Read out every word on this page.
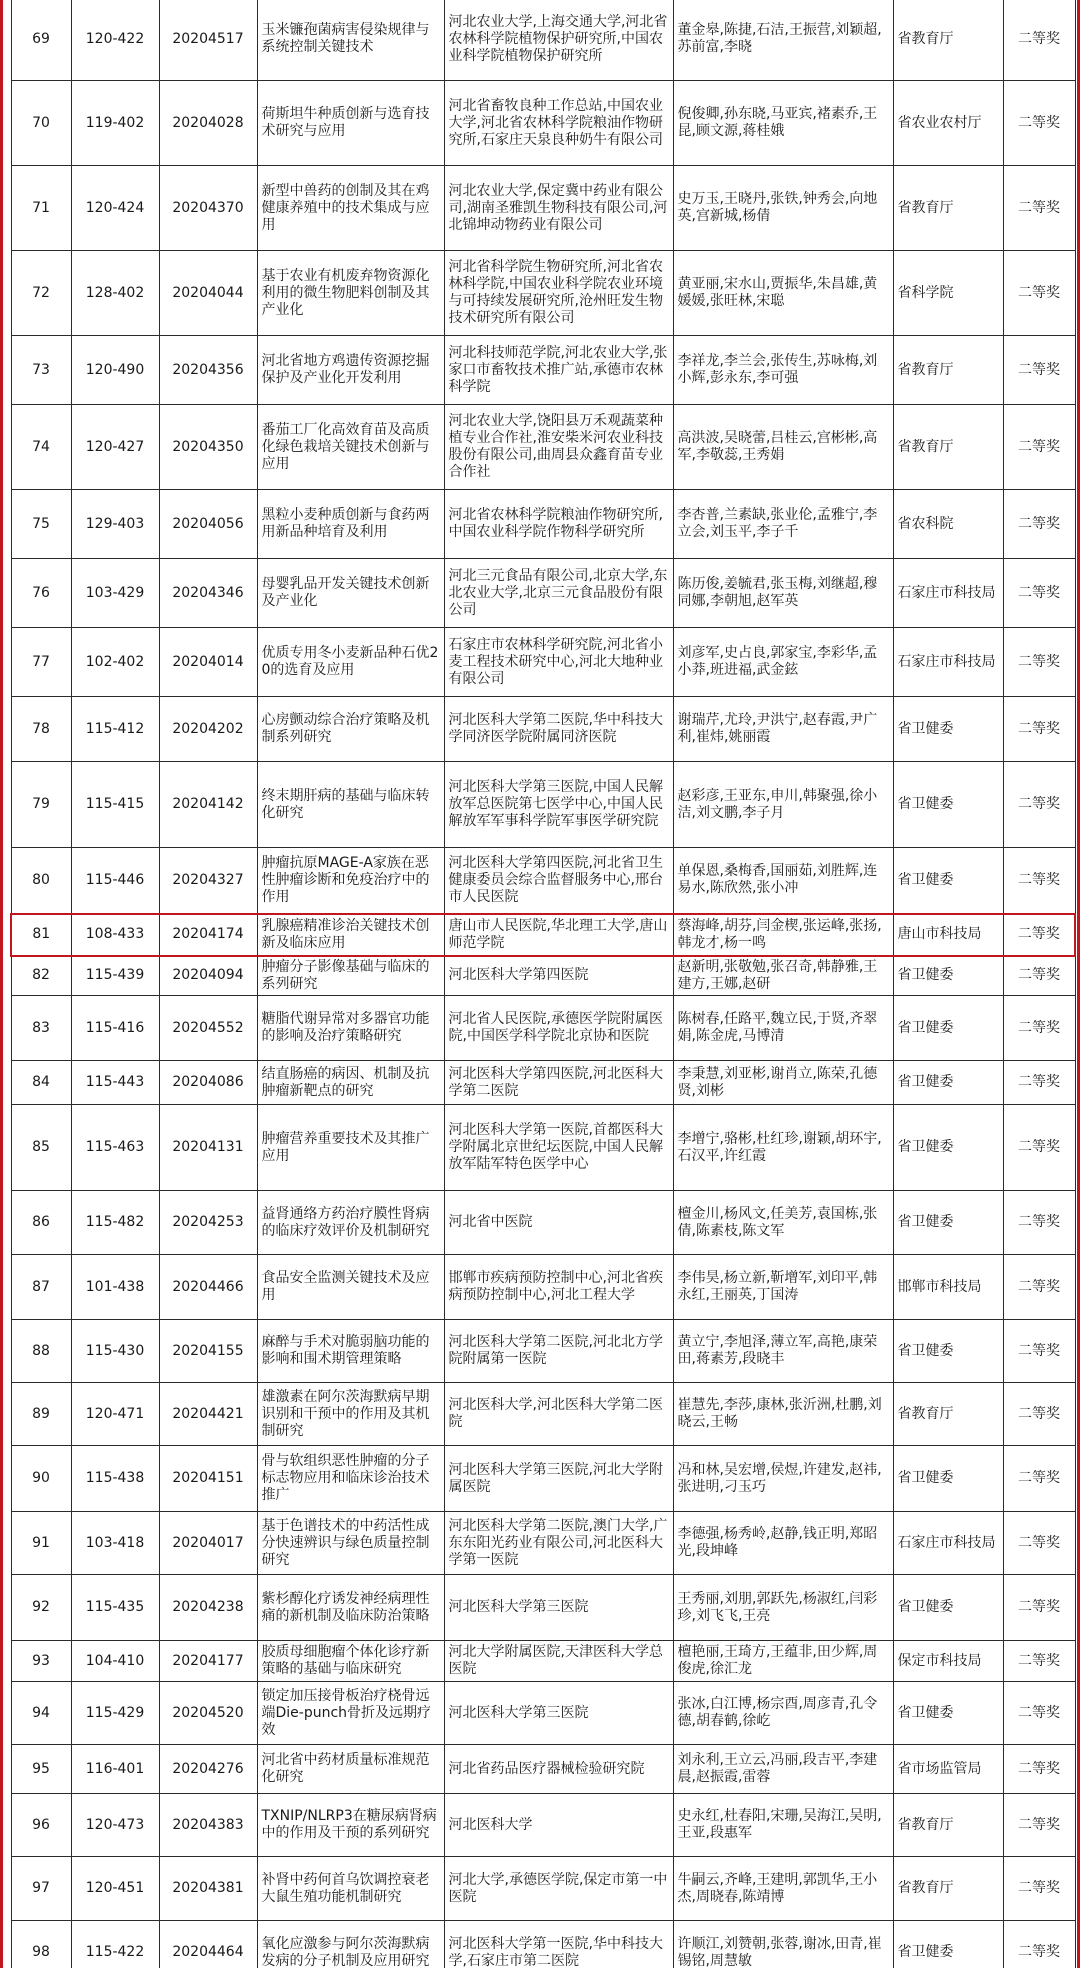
69	120-422	20204517	玉米镰孢菌病害侵染规律与系统控制关键技术	河北农业大学,上海交通大学,河北省农林科学院植物保护研究所,中国农业科学院植物保护研究所	董金皋,陈捷,石洁,王振营,刘颖超,苏前富,李晓	省教育厅	二等奖
70	119-402	20204028	荷斯坦牛种质创新与选育技术研究与应用	河北省畜牧良种工作总站,中国农业大学,河北省农林科学院粮油作物研究所,石家庄天泉良种奶牛有限公司	倪俊卿,孙东晓,马亚宾,褚素乔,王昆,顾文源,蒋桂娥	省农业农村厅	二等奖
71	120-424	20204370	新型中兽药的创制及其在鸡健康养殖中的技术集成与应用	河北农业大学,保定冀中药业有限公司,湖南圣雅凯生物科技有限公司,河北锦坤动物药业有限公司	史万玉,王晓丹,张铁,钟秀会,向地英,宫新城,杨倩	省教育厅	二等奖
72	128-402	20204044	基于农业有机废弃物资源化利用的微生物肥料创制及其产业化	河北省科学院生物研究所,河北省农林科学院,中国农业科学院农业环境与可持续发展研究所,沧州旺发生物技术研究所有限公司	黄亚丽,宋水山,贾振华,朱昌雄,黄媛媛,张旺林,宋聪	省科学院	二等奖
73	120-490	20204356	河北省地方鸡遗传资源挖掘保护及产业化开发利用	河北科技师范学院,河北农业大学,张家口市畜牧技术推广站,承德市农林科学院	李祥龙,李兰会,张传生,苏咏梅,刘小辉,彭永东,李可强	省教育厅	二等奖
74	120-427	20204350	番茄工厂化高效育苗及高质化绿色栽培关键技术创新与应用	河北农业大学,饶阳县万禾观蔬菜种植专业合作社,淮安柴米河农业科技股份有限公司,曲周县众鑫育苗专业合作社	高洪波,吴晓蕾,吕桂云,宫彬彬,高军,李敬蕊,王秀娟	省教育厅	二等奖
75	129-403	20204056	黑粒小麦种质创新与食药两用新品种培育及利用	河北省农林科学院粮油作物研究所,中国农业科学院作物科学研究所	李杏普,兰素缺,张业伦,孟雅宁,李立会,刘玉平,李子千	省农科院	二等奖
76	103-429	20204346	母婴乳品开发关键技术创新及产业化	河北三元食品有限公司,北京大学,东北农业大学,北京三元食品股份有限公司	陈历俊,姜毓君,张玉梅,刘继超,穆同娜,李朝旭,赵军英	石家庄市科技局	二等奖
77	102-402	20204014	优质专用冬小麦新品种石优20的选育及应用	石家庄市农林科学研究院,河北省小麦工程技术研究中心,河北大地种业有限公司	刘彦军,史占良,郭家宝,李彩华,孟小莽,班进福,武金鉉	石家庄市科技局	二等奖
78	115-412	20204202	心房颤动综合治疗策略及机制系列研究	河北医科大学第二医院,华中科技大学同济医学院附属同济医院	谢瑞芹,尤玲,尹洪宁,赵春霞,尹广利,崔炜,姚丽霞	省卫健委	二等奖
79	115-415	20204142	终末期肝病的基础与临床转化研究	河北医科大学第三医院,中国人民解放军总医院第七医学中心,中国人民解放军军事科学院军事医学研究院	赵彩彦,王亚东,申川,韩聚强,徐小洁,刘文鹏,李子月	省卫健委	二等奖
80	115-446	20204327	肿瘤抗原MAGE-A家族在恶性肿瘤诊断和免疫治疗中的作用	河北医科大学第四医院,河北省卫生健康委员会综合监督服务中心,邢台市人民医院	单保恩,桑梅香,国丽茹,刘胜辉,连易水,陈欣然,张小冲	省卫健委	二等奖
81	108-433	20204174	乳腺癌精准诊治关键技术创新及临床应用	唐山市人民医院,华北理工大学,唐山师范学院	蔡海峰,胡芬,闫金楔,张运峰,张扬,韩龙才,杨一鸣	唐山市科技局	二等奖
82	115-439	20204094	肿瘤分子影像基础与临床的系列研究	河北医科大学第四医院	赵新明,张敬勉,张召奇,韩静雅,王建方,王娜,赵研	省卫健委	二等奖
83	115-416	20204552	糖脂代谢异常对多器官功能的影响及治疗策略研究	河北省人民医院,承德医学院附属医院,中国医学科学院北京协和医院	陈树春,任路平,魏立民,于贤,齐翠娟,陈金虎,马博清	省卫健委	二等奖
84	115-443	20204086	结直肠癌的病因、机制及抗肿瘤新靶点的研究	河北医科大学第四医院,河北医科大学第二医院	李秉慧,刘亚彬,谢肖立,陈荣,孔德贤,刘彬	省卫健委	二等奖
85	115-463	20204131	肿瘤营养重要技术及其推广应用	河北医科大学第一医院,首都医科大学附属北京世纪坛医院,中国人民解放军陆军特色医学中心	李增宁,骆彬,杜红珍,谢颖,胡环宇,石汉平,许红霞	省卫健委	二等奖
86	115-482	20204253	益肾通络方药治疗膜性肾病的临床疗效评价及机制研究	河北省中医院	檀金川,杨风文,任美芳,袁国栋,张倩,陈素枝,陈文军	省卫健委	二等奖
87	101-438	20204466	食品安全监测关键技术及应用	邯郸市疾病预防控制中心,河北省疾病预防控制中心,河北工程大学	李伟昊,杨立新,靳增军,刘印平,韩永红,王丽英,丁国涛	邯郸市科技局	二等奖
88	115-430	20204155	麻醉与手术对脆弱脑功能的影响和围术期管理策略	河北医科大学第二医院,河北北方学院附属第一医院	黄立宁,李旭泽,薄立军,高艳,康荣田,蒋素芳,段晓丰	省卫健委	二等奖
89	120-471	20204421	雄激素在阿尔茨海默病早期识别和干预中的作用及其机制研究	河北医科大学,河北医科大学第二医院	崔慧先,李莎,康林,张沂洲,杜鹏,刘晓云,王畅	省教育厅	二等奖
90	115-438	20204151	骨与软组织恶性肿瘤的分子标志物应用和临床诊治技术推广	河北医科大学第三医院,河北大学附属医院	冯和林,吴宏增,侯煜,许建发,赵祎,张进明,刁玉巧	省卫健委	二等奖
91	103-418	20204017	基于色谱技术的中药活性成分快速辨识与绿色质量控制研究	河北医科大学第二医院,澳门大学,广东东阳光药业有限公司,河北医科大学第一医院	李德强,杨秀岭,赵静,钱正明,郑昭光,段坤峰	石家庄市科技局	二等奖
92	115-435	20204238	紫杉醇化疗诱发神经病理性痛的新机制及临床防治策略	河北医科大学第三医院	王秀丽,刘朋,郭跃先,杨淑红,闫彩珍,刘飞飞,王亮	省卫健委	二等奖
93	104-410	20204177	胶质母细胞瘤个体化诊疗新策略的基础与临床研究	河北大学附属医院,天津医科大学总医院	檀艳丽,王琦方,王蕴非,田少辉,周俊虎,徐汇龙	保定市科技局	二等奖
94	115-429	20204520	锁定加压接骨板治疗桡骨远端Die-punch骨折及远期疗效	河北医科大学第三医院	张冰,白江博,杨宗酉,周彦青,孔令德,胡春鹤,徐屹	省卫健委	二等奖
95	116-401	20204276	河北省中药材质量标准规范化研究	河北省药品医疗器械检验研究院	刘永利,王立云,冯丽,段吉平,李建晨,赵振霞,雷蓉	省市场监管局	二等奖
96	120-473	20204383	TXNIP/NLRP3在糖尿病肾病中的作用及干预的系列研究	河北医科大学	史永红,杜春阳,宋珊,吴海江,吴明,王亚,段惠军	省教育厅	二等奖
97	120-451	20204381	补肾中药何首乌饮调控衰老大鼠生殖功能机制研究	河北大学,承德医学院,保定市第一中医院	牛嗣云,齐峰,王建明,郭凯华,王小杰,周晓春,陈靖博	省教育厅	二等奖
98	115-422	20204464	氧化应激参与阿尔茨海默病发病的分子机制及应用研究	河北医科大学第一医院,华中科技大学,石家庄市第二医院	许顺江,刘赞朝,张蓉,谢冰,田青,崔锡铭,周慧敏	省卫健委	二等奖
